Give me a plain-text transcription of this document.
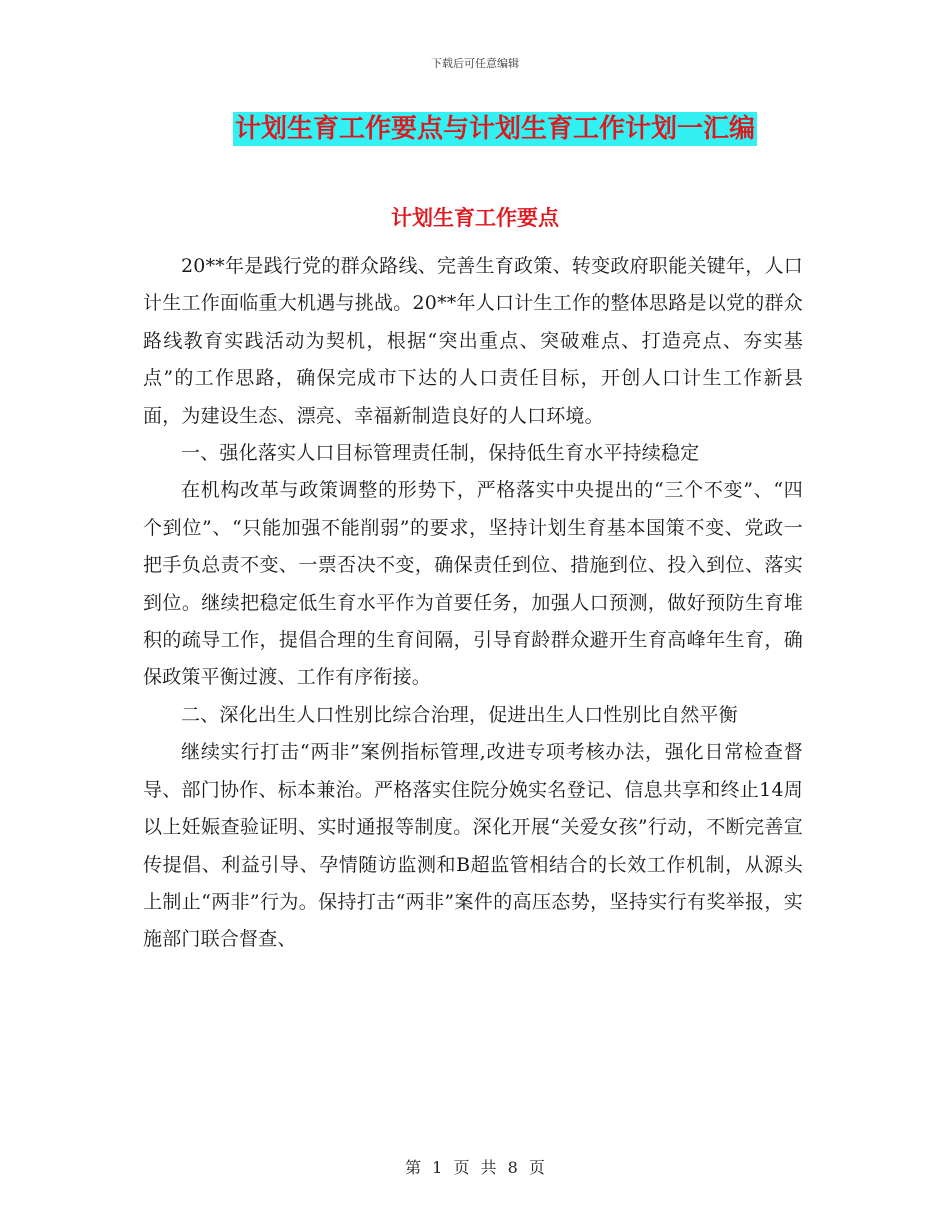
下载后可任意编辑
计划生育工作要点与计划生育工作计划一汇编
计划生育工作要点

20**年是践行党的群众路线、完善生育政策、转变政府职能关键年，人口计生工作面临重大机遇与挑战。20**年人口计生工作的整体思路是以党的群众路线教育实践活动为契机，根据“突出重点、突破难点、打造亮点、夯实基点”的工作思路，确保完成市下达的人口责任目标，开创人口计生工作新县面，为建设生态、漂亮、幸福新制造良好的人口环境。

一、强化落实人口目标管理责任制，保持低生育水平持续稳定

在机构改革与政策调整的形势下，严格落实中央提出的“三个不变”、“四个到位”、“只能加强不能削弱”的要求，坚持计划生育基本国策不变、党政一把手负总责不变、一票否决不变，确保责任到位、措施到位、投入到位、落实到位。继续把稳定低生育水平作为首要任务，加强人口预测，做好预防生育堆积的疏导工作，提倡合理的生育间隔，引导育龄群众避开生育高峰年生育，确保政策平衡过渡、工作有序衔接。

二、深化出生人口性别比综合治理，促进出生人口性别比自然平衡

继续实行打击“两非”案例指标管理,改进专项考核办法，强化日常检查督导、部门协作、标本兼治。严格落实住院分娩实名登记、信息共享和终止14周以上妊娠查验证明、实时通报等制度。深化开展“关爱女孩”行动，不断完善宣传提倡、利益引导、孕情随访监测和B超监管相结合的长效工作机制，从源头上制止“两非”行为。保持打击“两非”案件的高压态势，坚持实行有奖举报，实施部门联合督查、

第 1 页 共 8 页
